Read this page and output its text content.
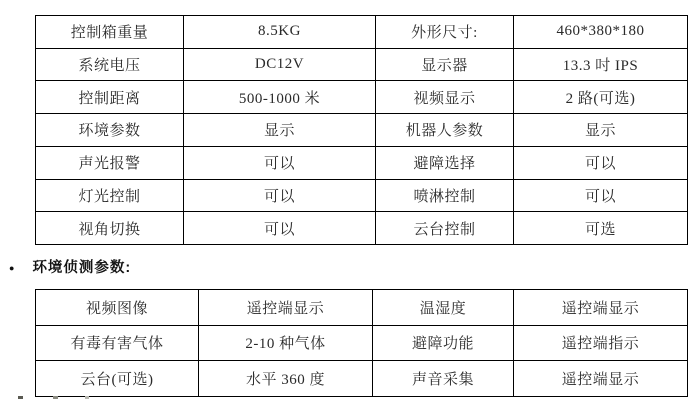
控制箱重量	8.5KG	外形尺寸:	460*380*180
系统电压	DC12V	显示器	13.3 吋 IPS
控制距离	500-1000 米	视频显示	2 路(可选)
环境参数	显示	机器人参数	显示
声光报警	可以	避障选择	可以
灯光控制	可以	喷淋控制	可以
视角切换	可以	云台控制	可选
● 环境侦测参数:
视频图像	遥控端显示	温湿度	遥控端显示
有毒有害气体	2-10 种气体	避障功能	遥控端指示
云台(可选)	水平 360 度	声音采集	遥控端显示
